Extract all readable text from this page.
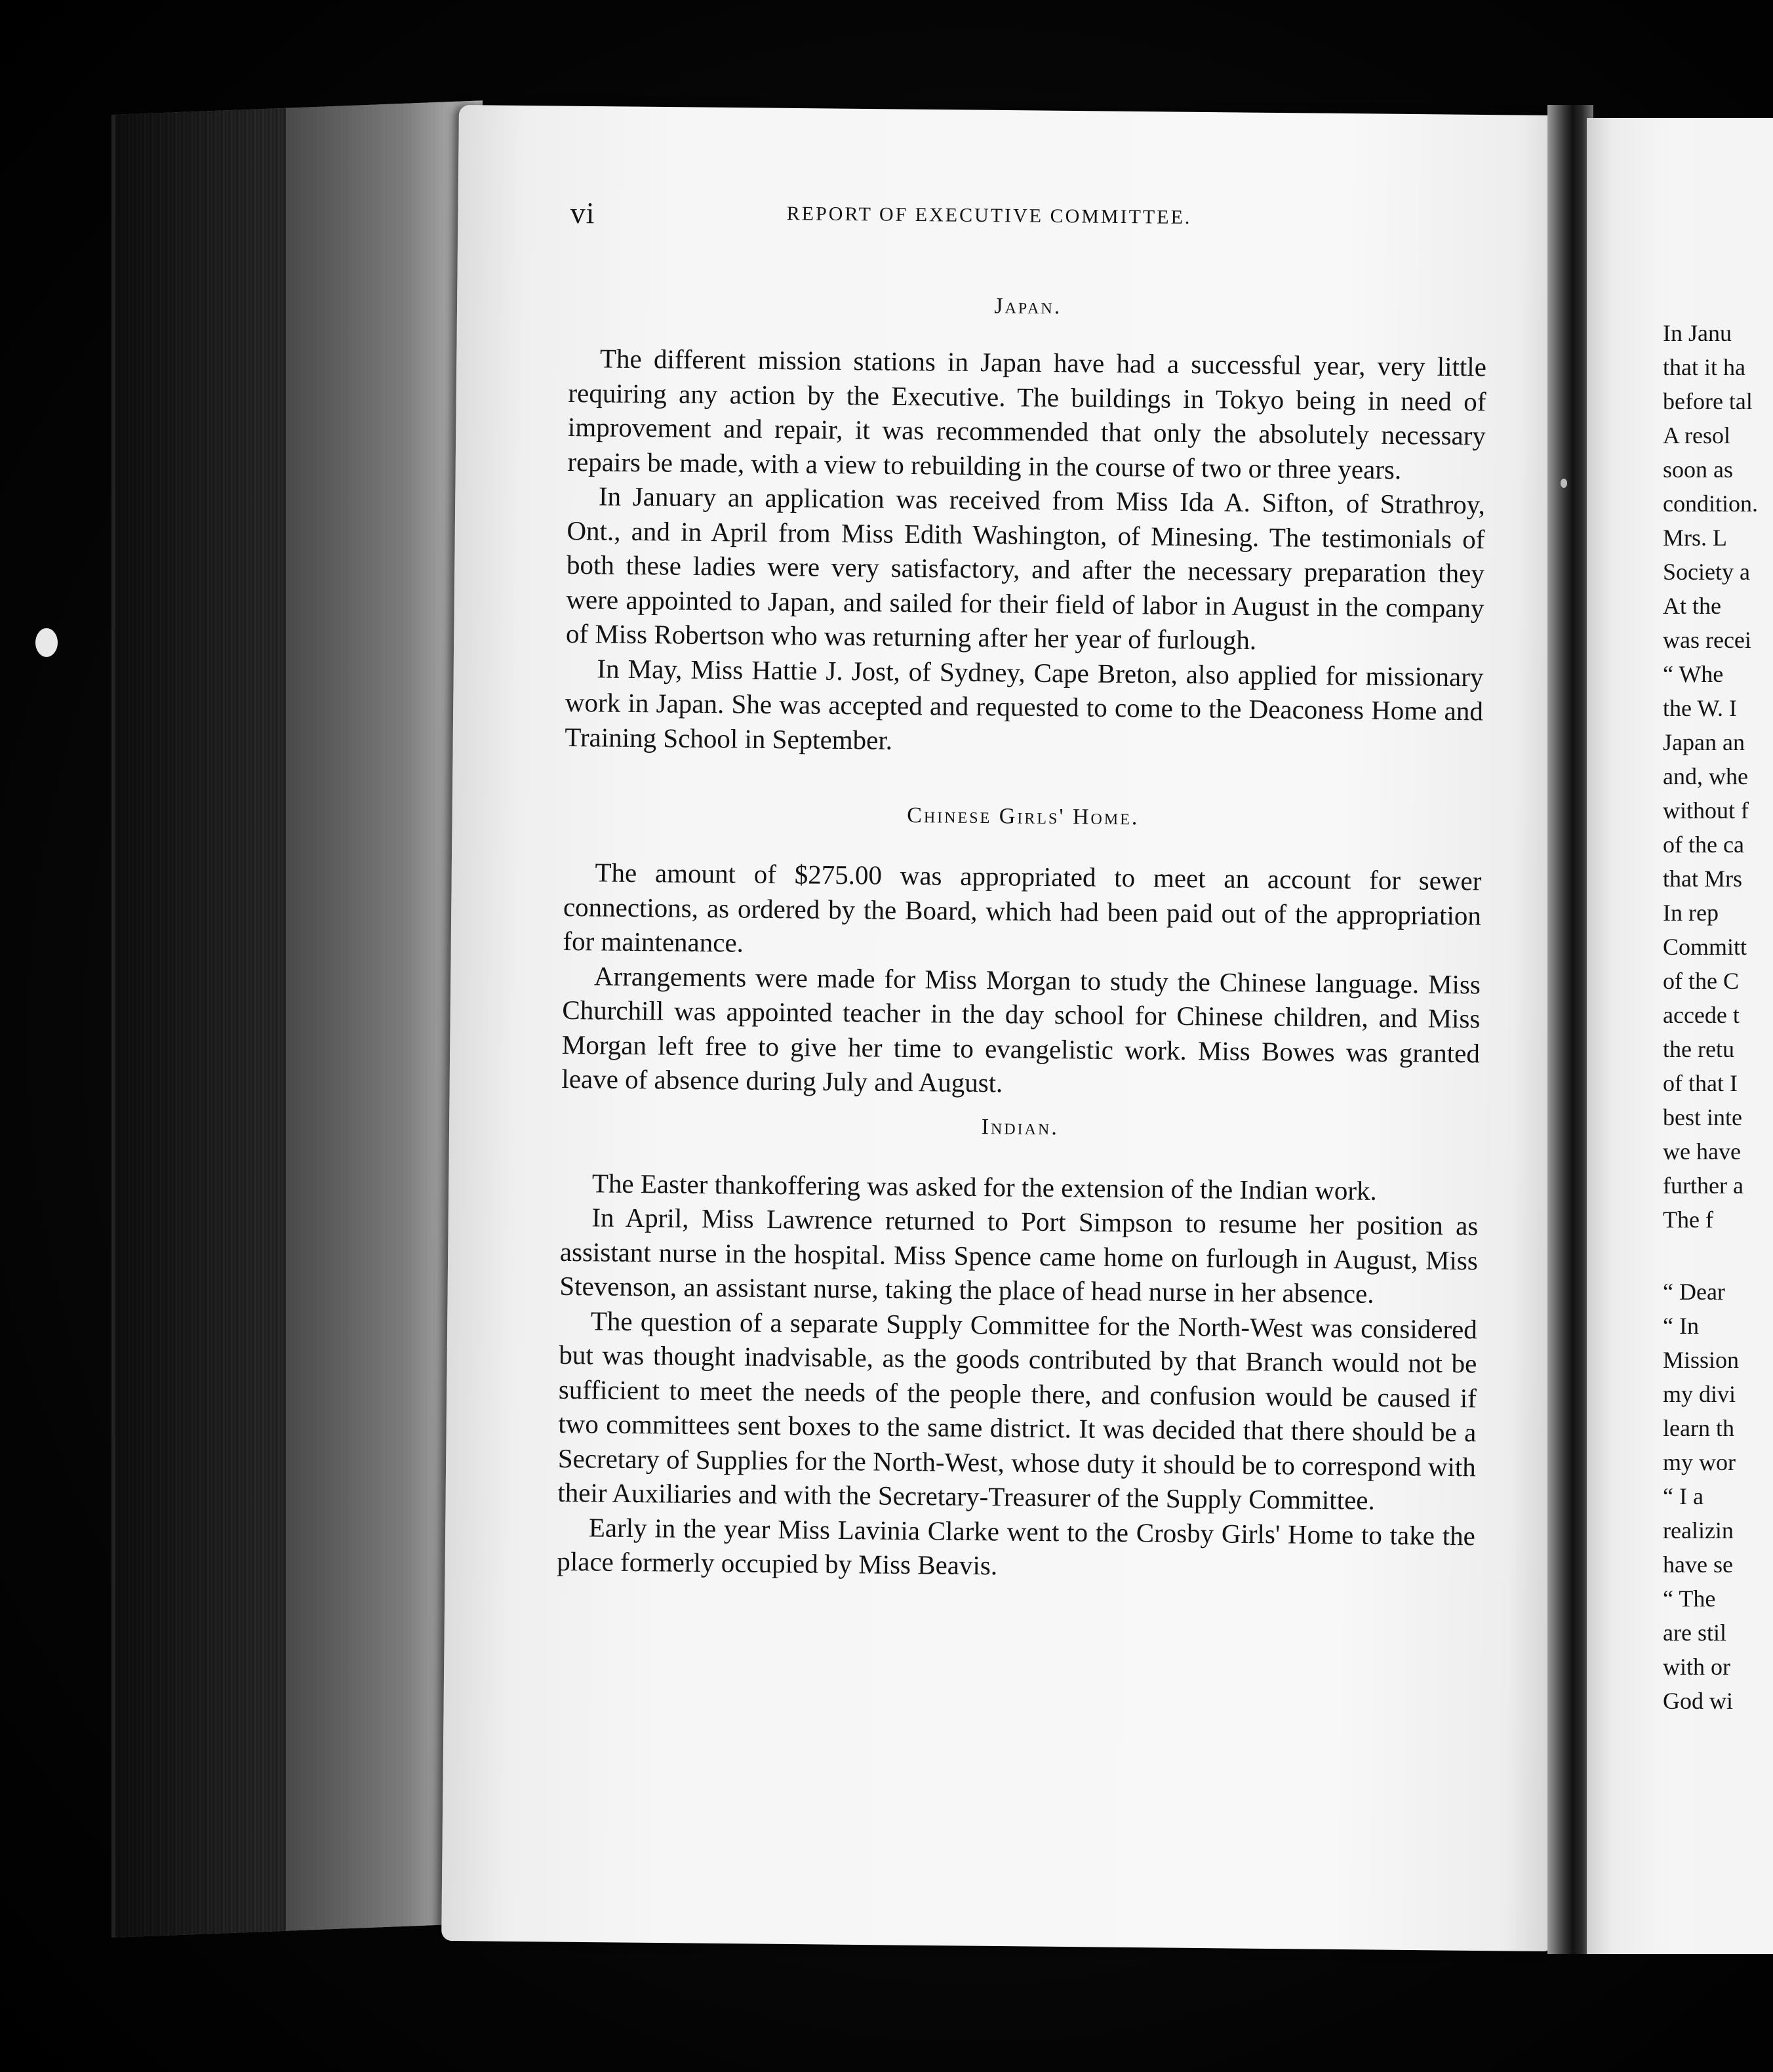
vi	REPORT OF EXECUTIVE COMMITTEE.
Japan.

The different mission stations in Japan have had a successful year, very little requiring any action by the Executive. The buildings in Tokyo being in need of improvement and repair, it was recommended that only the absolutely necessary repairs be made, with a view to rebuilding in the course of two or three years.

In January an application was received from Miss Ida A. Sifton, of Strathroy, Ont., and in April from Miss Edith Washington, of Minesing. The testimonials of both these ladies were very satisfactory, and after the necessary preparation they were appointed to Japan, and sailed for their field of labor in August in the company of Miss Robertson who was returning after her year of furlough.

In May, Miss Hattie J. Jost, of Sydney, Cape Breton, also applied for missionary work in Japan. She was accepted and requested to come to the Deaconess Home and Training School in September.

Chinese Girls' Home.

The amount of $275.00 was appropriated to meet an account for sewer connections, as ordered by the Board, which had been paid out of the appropriation for maintenance.

Arrangements were made for Miss Morgan to study the Chinese language. Miss Churchill was appointed teacher in the day school for Chinese children, and Miss Morgan left free to give her time to evangelistic work. Miss Bowes was granted leave of absence during July and August.

Indian.

The Easter thankoffering was asked for the extension of the Indian work.

In April, Miss Lawrence returned to Port Simpson to resume her position as assistant nurse in the hospital. Miss Spence came home on furlough in August, Miss Stevenson, an assistant nurse, taking the place of head nurse in her absence.

The question of a separate Supply Committee for the North-West was considered but was thought inadvisable, as the goods contributed by that Branch would not be sufficient to meet the needs of the people there, and confusion would be caused if two committees sent boxes to the same district. It was decided that there should be a Secretary of Supplies for the North-West, whose duty it should be to correspond with their Auxiliaries and with the Secretary-Treasurer of the Supply Committee.

Early in the year Miss Lavinia Clarke went to the Crosby Girls' Home to take the place formerly occupied by Miss Beavis.

In Janu
that it ha
before tal
A resol
soon as
condition.
Mrs. L
Society a
At the
was recei
“ Whe
the W. I
Japan an
and, whe
without f
of the ca
that Mrs
In rep
Committ
of the C
accede t
the retu
of that I
best inte
we have
further a
The f
“ Dear
“ In
Mission
my divi
learn th
my wor
“ I a
realizin
have se
“ The
are stil
with or
God wi
